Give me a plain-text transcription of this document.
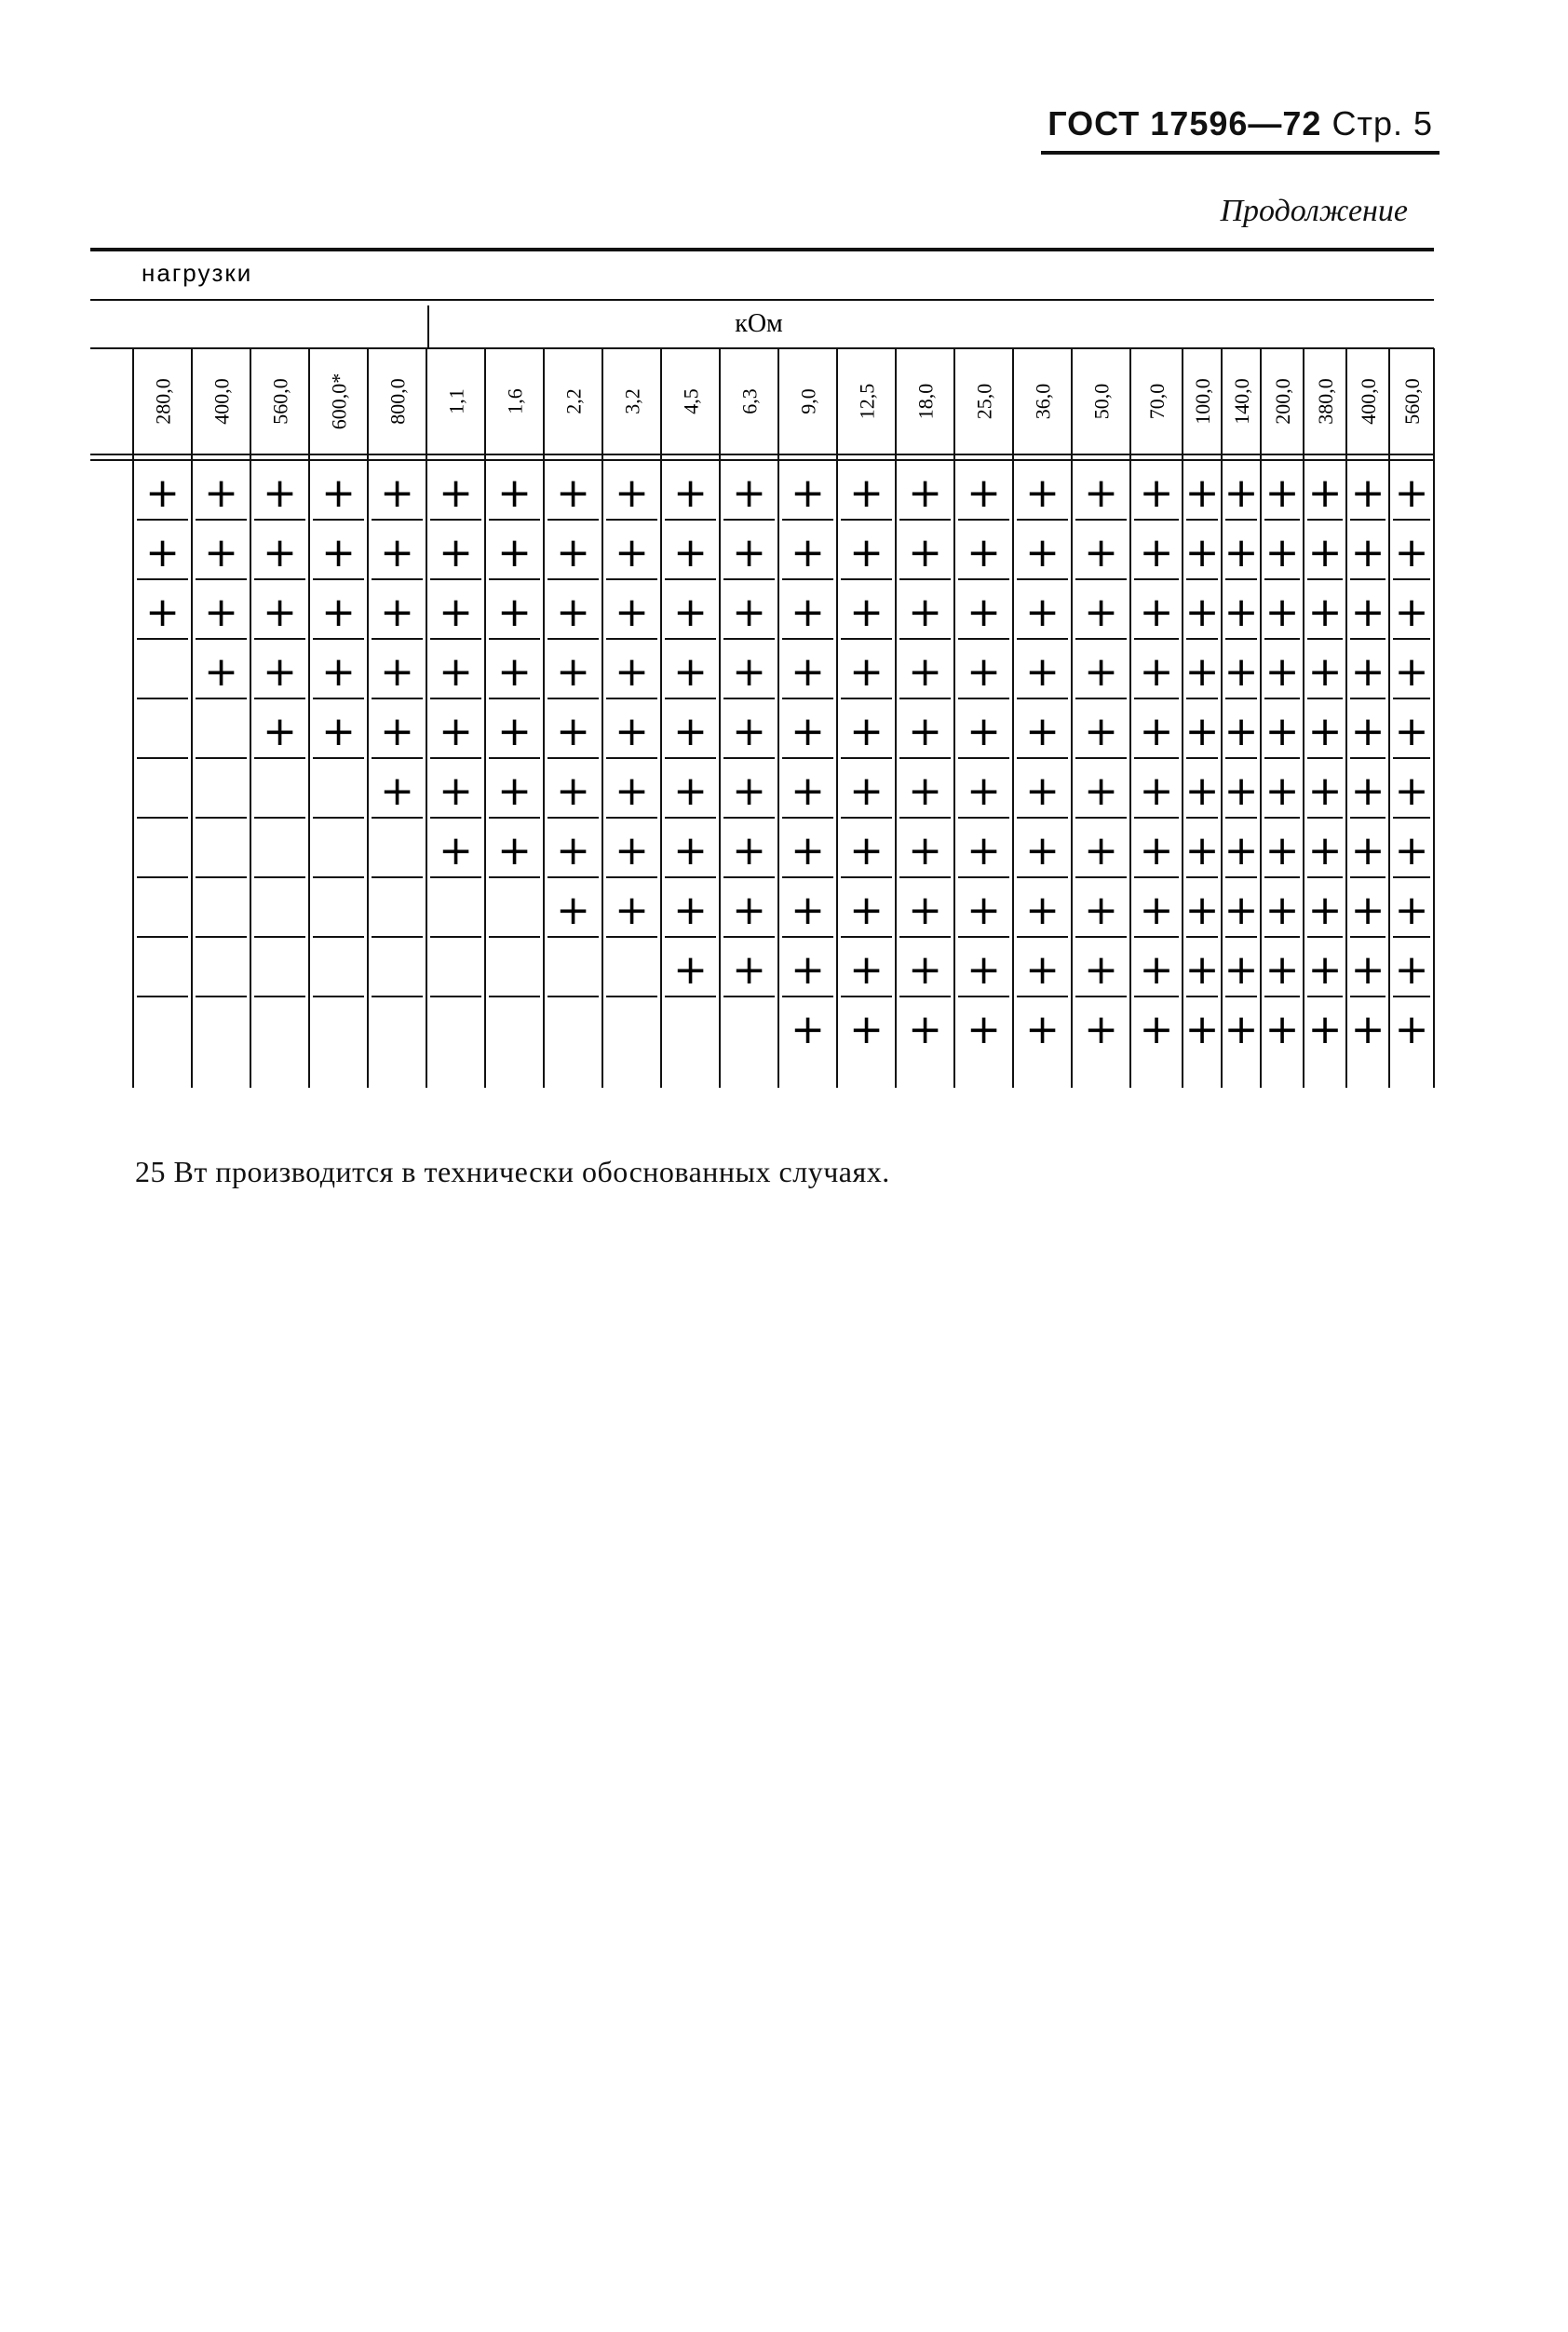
ГОСТ 17596—72 Стр. 5
Продолжение
нагрузки
кОм
280,0 400,0 560,0 600,0* 800,0 1,1 1,6 2,2 3,2 4,5 6,3 9,0 12,5 18,0 25,0 36,0 50,0 70,0 100,0 140,0 200,0 380,0 400,0 560,0
+ + + + + + + + + + + + + + + + + + + + + + + +
+ + + + + + + + + + + + + + + + + + + + + + + +
+ + + + + + + + + + + + + + + + + + + + + + + +
+ + + + + + + + + + + + + + + + + + + + + + +
+ + + + + + + + + + + + + + + + + + + + + +
+ + + + + + + + + + + + + + + + + + + +
+ + + + + + + + + + + + + + + + + + +
+ + + + + + + + + + + + + + + + +
+ + + + + + + + + + + + + + +
+ + + + + + + + + + + + +
25 Вт производится в технически обоснованных случаях.
